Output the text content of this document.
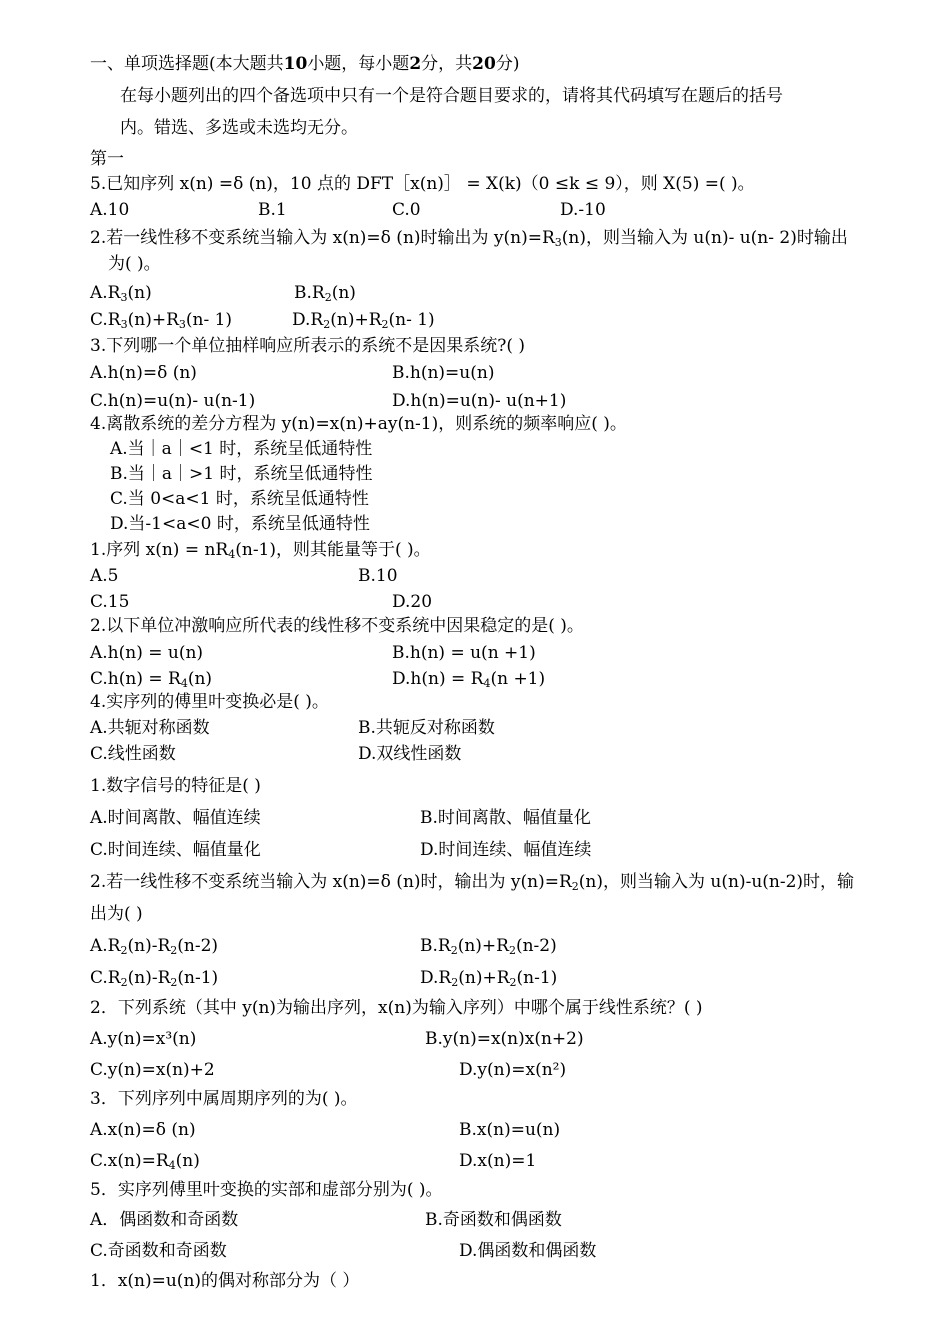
一、单项选择题(本大题共10小题，每小题2分，共20分)
在每小题列出的四个备选项中只有一个是符合题目要求的，请将其代码填写在题后的括号
内。错选、多选或未选均无分。
第一
5.已知序列 x(n) =δ (n)，10 点的 DFT［x(n)］ = X(k)（0 ≤k ≤ 9），则 X(5) =( )。
A.10	B.1	C.0	D.-10
2.若一线性移不变系统当输入为 x(n)=δ (n)时输出为 $y(n)=R_3(n)$，则当输入为 u(n)- u(n- 2)时输出
为( )。
$A.R_3(n)$	$B.R_2(n)$
$C.R_3(n)+R_3(n-$ 1)	$D.R_2(n)+R_2(n-$ 1)
3.下列哪一个单位抽样响应所表示的系统不是因果系统?( )
A.h(n)=δ (n)	B.h(n)=u(n)
C.h(n)=u(n)- u(n-1)	D.h(n)=u(n)- u(n+1)
4.离散系统的差分方程为 y(n)=x(n)+ay(n-1)，则系统的频率响应( )。
A.当｜a｜<1 时，系统呈低通特性
B.当｜a｜>1 时，系统呈低通特性
C.当 0<a<1 时，系统呈低通特性
D.当-1<a<0 时，系统呈低通特性
1.序列 $x(n) = nR_4(n-1)$，则其能量等于( )。
A.5	B.10
C.15	D.20
2.以下单位冲激响应所代表的线性移不变系统中因果稳定的是( )。
A.h(n) = u(n)	B.h(n) = u(n +1)
$C.h(n) = R_4(n)$	$D.h(n) = R_4(n +1)$
4.实序列的傅里叶变换必是( )。
A.共轭对称函数	B.共轭反对称函数
C.线性函数	D.双线性函数
1.数字信号的特征是( )
A.时间离散、幅值连续	B.时间离散、幅值量化
C.时间连续、幅值量化	D.时间连续、幅值连续
2.若一线性移不变系统当输入为 x(n)=δ (n)时，输出为 $y(n)=R_2(n)$，则当输入为 u(n)-u(n-2)时，输
出为( )
$A.R_2(n)-R_2(n-2)$	$B.R_2(n)+R_2(n-2)$
$C.R_2(n)-R_2(n-1)$	$D.R_2(n)+R_2(n-1)$
2．下列系统（其中 y(n)为输出序列，x(n)为输入序列）中哪个属于线性系统？( )
A.y(n)=x³(n)	B.y(n)=x(n)x(n+2)
C.y(n)=x(n)+2	D.y(n)=x(n²)
3．下列序列中属周期序列的为( )。
A.x(n)=δ (n)	B.x(n)=u(n)
$C.x(n)=R_4(n)$	D.x(n)=1
5．实序列傅里叶变换的实部和虚部分别为( )。
A．偶函数和奇函数	B.奇函数和偶函数
C.奇函数和奇函数	D.偶函数和偶函数
1．x(n)=u(n)的偶对称部分为（ ）
